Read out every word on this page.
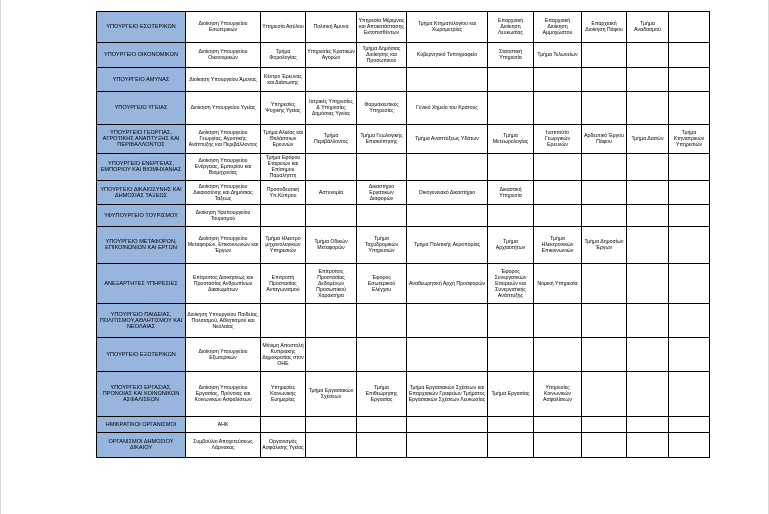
ΥΠΟΥΡΓΕΙΟ ΕΣΩΤΕΡΙΚΩΝ	Διοίκηση Υπουργείου Εσωτερικών	Υπηρεσία Ασύλου	Πολιτική Άμυνα	Υπηρεσία Μέριμνας και Αποκατάστασης Εκτοπισθέντων	Τμήμα Κτηματολογίου και Χωρομετρίας	Επαρχιακή Διοίκηση Λευκωσίας	Επαρχιακή Διοίκηση Αμμοχώστου	Επαρχιακή Διοίκηση Πάφου	Τμήμα Αναδασμού	
ΥΠΟΥΡΓΕΙΟ ΟΙΚΟΝΟΜΙΚΩΝ	Διοίκηση Υπουργείου Οικονομικών	Τμήμα Φορολογίας	Υπηρεσίες Κρατικών Αγορών	Τμήμα Δημόσιας Διοίκησης και Προσωπικού	Κυβερνητικό Τυπογραφείο	Στατιστική Υπηρεσία	Τμήμα Τελωνείων			
ΥΠΟΥΡΓΕΙΟ ΑΜΥΝΑΣ	Διοίκηση Υπουργείου Άμυνας	Κέντρο Έρευνας και Διάσωσης								
ΥΠΟΥΡΓΕΙΟ ΥΓΕΙΑΣ	Διοίκηση Υπουργείου Υγείας	Υπηρεσίες Ψυχικής Υγείας	Ιατρικές Υπηρεσίες & Υπηρεσίες Δημόσιας Υγείας	Φαρμακευτικές Υπηρεσίες	Γενικό Χημείο του Κράτους					
ΥΠΟΥΡΓΕΙΟ ΓΕΩΡΓΙΑΣ, ΑΓΡΟΤΙΚΗΣ ΑΝΑΠΤΥΞΗΣ ΚΑΙ ΠΕΡΙΒΑΛΛΟΝΤΟΣ	Διοίκηση Υπουργείου Γεωργίας, Αγροτικής Ανάπτυξης και Περιβάλλοντος	Τμήμα Αλιείας και Θαλάσσιων Ερευνών	Τμήμα Περιβάλλοντος	Τμήμα Γεωλογικής Επισκόπησης	Τμήμα Αναπτύξεως Υδάτων	Τμήμα Μετεωρολογίας	Ινστιτούτο Γεωργικών Ερευνών	Αρδευτικό Έργου Πάφου	Τμήμα Δασών	Τμήμα Κτηνιατρικών Υπηρεσιών
ΥΠΟΥΡΓΕΙΟ ΕΝΕΡΓΕΙΑΣ, ΕΜΠΟΡΙΟΥ ΚΑΙ ΒΙΟΜΗΧΑΝΙΑΣ	Διοίκηση Υπουργείου Ενέργειας, Εμπορίου και Βιομηχανίας	Τμήμα Εφόρου Εταιρειών και Επίσημου Παραλήπτη								
ΥΠΟΥΡΓΕΙΟ ΔΙΚΑΙΟΣΥΝΗΣ ΚΑΙ ΔΗΜΟΣΙΑΣ ΤΑΞΕΩΣ	Διοίκηση Υπουργείου Δικαιοσύνης και Δημόσιας Τάξεως	Προσοδευτική Υπ.Κύπρου	Αστυνομία	Δικαστήριο Εργατικών Διαφορών	Οικογενειακό Δικαστήριο	Δικαστική Υπηρεσία				
ΥΦΥΠΟΥΡΓΕΙΟ ΤΟΥΡΙΣΜΟΥ	Διοίκηση Υφυπουργείου Τουρισμού									
ΥΠΟΥΡΓΕΙΟ ΜΕΤΑΦΟΡΩΝ, ΕΠΙΚΟΙΝΩΝΙΩΝ ΚΑΙ ΕΡΓΩΝ	Διοίκηση Υπουργείου Μεταφορών, Επικοινωνιών και Έργων	Τμήμα Ηλεκτρο μηχανολογικών Υπηρεσιών	Τμήμα Οδικών Μεταφορών	Τμήμα Ταχυδρομικών Υπηρεσιών	Τμήμα Πολιτικής Αεροπορίας	Τμήμα Αρχαιοτήτων	Τμήμα Ηλεκτρονικών Επικοινωνιών	Τμήμα Δημοσίων Έργων		
ΑΝΕΞΑΡΤΗΤΕΣ ΥΠΗΡΕΣΙΕΣ	Επίτροπος Διοικήσεως και Προστασίας Ανθρωπίνων Δικαιωμάτων	Επιτροπή Προστασίας Ανταγωνισμού	Επίτροπος Προστασίας Δεδομένων Προσωπικού Χαρακτήρα	Έφορος Εσωτερικού Ελέγχου	Αναθεωρητική Αρχή Προσφορών	Έφορος Συνεργατικών Εταιρειών και Συνεργατικής Ανάπτυξης	Νομική Υπηρεσία			
ΥΠΟΥΡΓΕΙΟ ΠΑΙΔΕΙΑΣ, ΠΟΛΙΤΙΣΜΟΥ,ΑΘΛΗΤΙΣΜΟΥ ΚΑΙ ΝΕΟΛΑΙΑΣ	Διοίκηση Υπουργείου Παιδείας, Πολιτισμού, Αθλητισμού και Νεολαίας									
ΥΠΟΥΡΓΕΙΟ ΕΞΩΤΕΡΙΚΩΝ	Διοίκηση Υπουργείου Εξωτερικών	Μόνιμη Αποστολή Κυπριακής Δημοκρατίας στον ΟΗΕ								
ΥΠΟΥΡΓΕΙΟ ΕΡΓΑΣΙΑΣ, ΠΡΟΝΟΙΑΣ ΚΑΙ ΚΟΙΝΩΝΙΚΩΝ ΑΣΦΑΛΙΣΕΩΝ	Διοίκηση Υπουργείου Εργασίας, Πρόνοιας και Κοινωνικών Ασφαλίσεων	Υπηρεσίες Κοινωνικής Ευημερίας	Τμήμα Εργασιακών Σχέσεων	Τμήμα Επιθεώρησης Εργασίας	Τμήμα Εργασιακών Σχέσεων και Επαρχιακών Γραφείων Τμήματος Εργασιακών Σχέσεων Λευκωσίας	Τμήμα Εργασίας	Υπηρεσίες Κοινωνικών Ασφαλίσεων			
ΗΜΙΚΡΑΤΙΚΟΙ ΟΡΓΑΝΙΣΜΟΙ	ΑΗΚ									
ΟΡΓΑΝΙΣΜΟΙ ΔΗΜΟΣΙΟΥ ΔΙΚΑΙΟΥ	Συμβούλιο Αποχετεύσεως Λάρνακας	Οργανισμός Ασφάλισης Υγείας								
